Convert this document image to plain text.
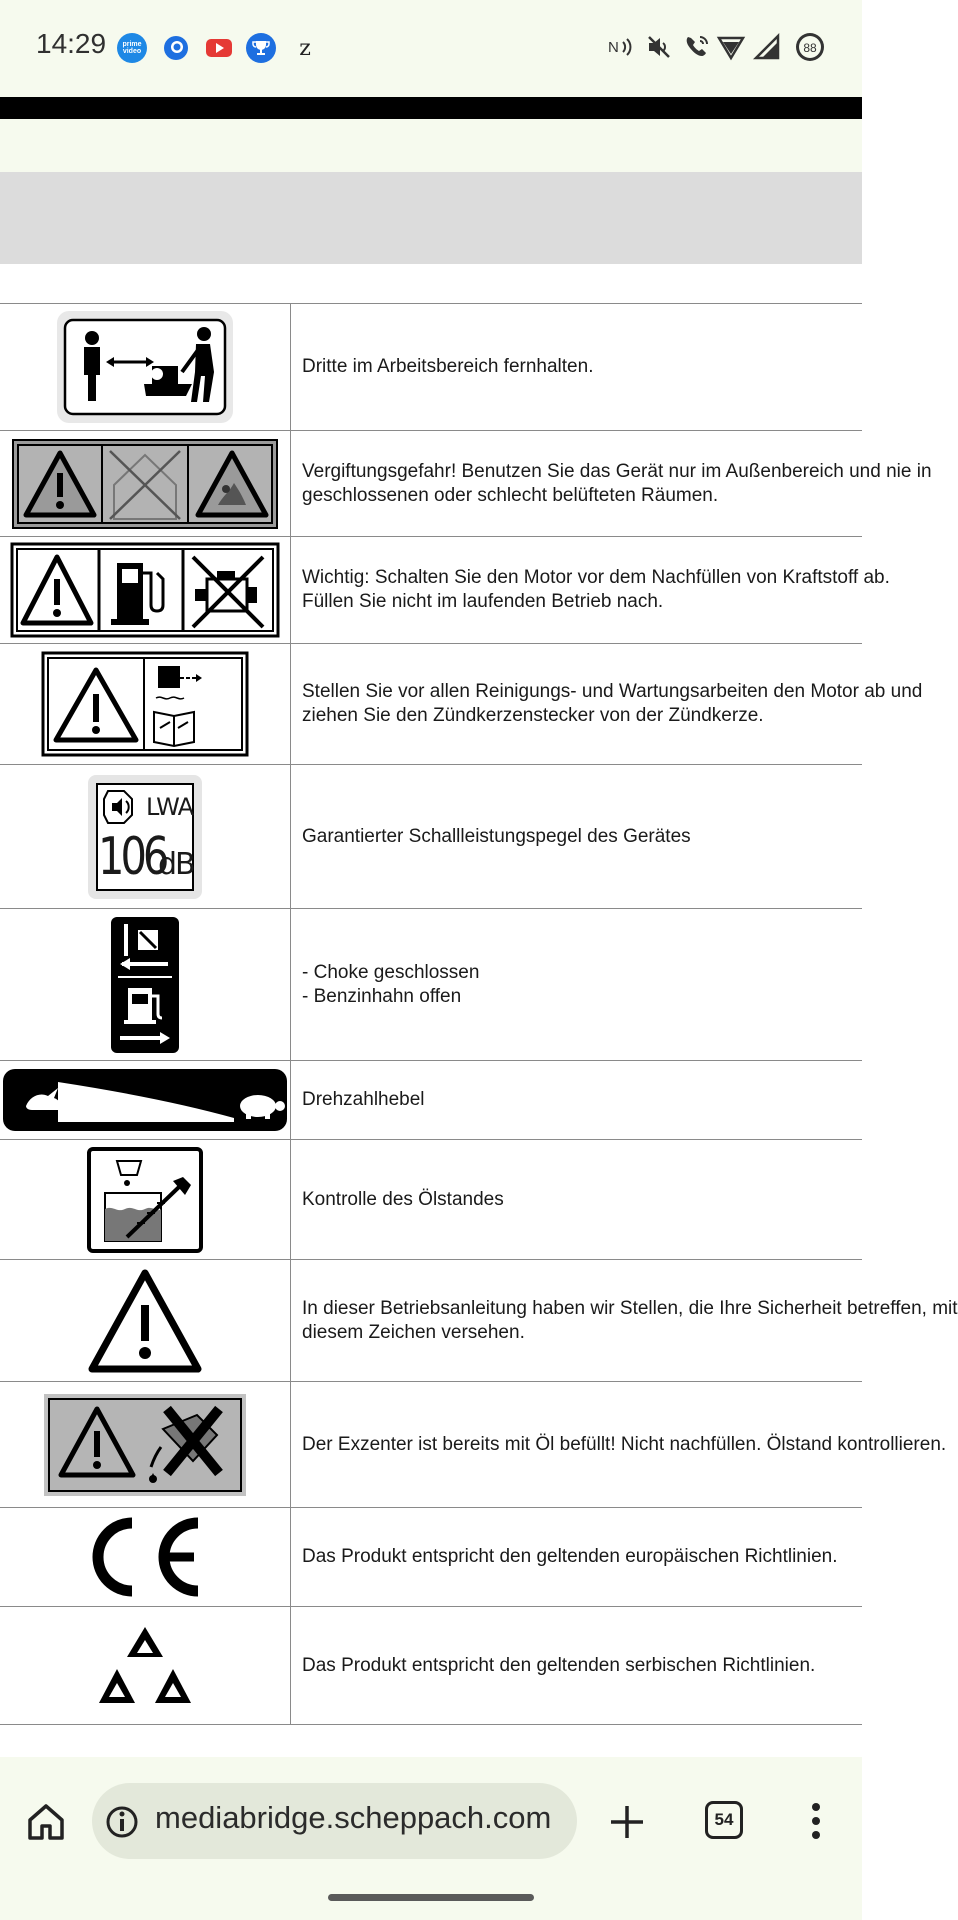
14:29	prime video	z	N	88
Dritte im Arbeitsbereich fernhalten.
Vergiftungsgefahr! Benutzen Sie das Gerät nur im Außenbereich und nie in
geschlossenen oder schlecht belüfteten Räumen.
Wichtig: Schalten Sie den Motor vor dem Nachfüllen von Kraftstoff ab.
Füllen Sie nicht im laufenden Betrieb nach.
Stellen Sie vor allen Reinigungs- und Wartungsarbeiten den Motor ab und
ziehen Sie den Zündkerzenstecker von der Zündkerze.
LWA
106
dB
Garantierter Schallleistungspegel des Gerätes
- Choke geschlossen
- Benzinhahn offen
Drehzahlhebel
Kontrolle des Ölstandes
In dieser Betriebsanleitung haben wir Stellen, die Ihre Sicherheit betreffen, mit
diesem Zeichen versehen.
Der Exzenter ist bereits mit Öl befüllt! Nicht nachfüllen. Ölstand kontrollieren.
Das Produkt entspricht den geltenden europäischen Richtlinien.
Das Produkt entspricht den geltenden serbischen Richtlinien.
mediabridge.scheppach.com	54
